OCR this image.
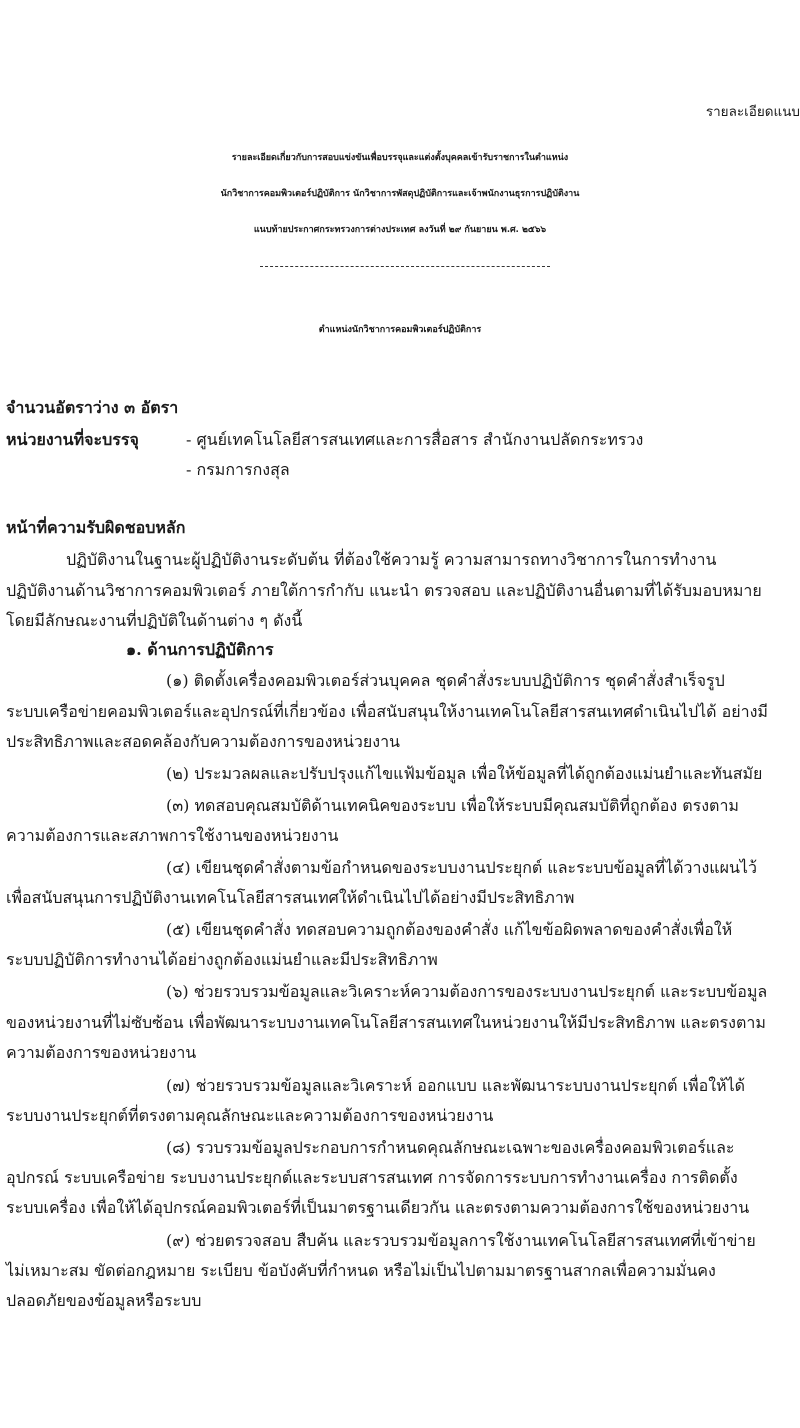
รายละเอียดแนบ
รายละเอียดเกี่ยวกับการสอบแข่งขันเพื่อบรรจุและแต่งตั้งบุคคลเข้ารับราชการในตำแหน่ง
นักวิชาการคอมพิวเตอร์ปฏิบัติการ นักวิชาการพัสดุปฏิบัติการและเจ้าพนักงานธุรการปฏิบัติงาน
แนบท้ายประกาศกระทรวงการต่างประเทศ ลงวันที่ ๒๙ กันยายน พ.ศ. ๒๕๖๖
ตำแหน่งนักวิชาการคอมพิวเตอร์ปฏิบัติการ
จำนวนอัตราว่าง ๓ อัตรา
หน่วยงานที่จะบรรจุ	- ศูนย์เทคโนโลยีสารสนเทศและการสื่อสาร สำนักงานปลัดกระทรวง
- กรมการกงสุล
หน้าที่ความรับผิดชอบหลัก
ปฏิบัติงานในฐานะผู้ปฏิบัติงานระดับต้น ที่ต้องใช้ความรู้ ความสามารถทางวิชาการในการทำงาน
ปฏิบัติงานด้านวิชาการคอมพิวเตอร์ ภายใต้การกำกับ แนะนำ ตรวจสอบ และปฏิบัติงานอื่นตามที่ได้รับมอบหมาย
โดยมีลักษณะงานที่ปฏิบัติในด้านต่าง ๆ ดังนี้
๑. ด้านการปฏิบัติการ
(๑) ติดตั้งเครื่องคอมพิวเตอร์ส่วนบุคคล ชุดคำสั่งระบบปฏิบัติการ ชุดคำสั่งสำเร็จรูป
ระบบเครือข่ายคอมพิวเตอร์และอุปกรณ์ที่เกี่ยวข้อง เพื่อสนับสนุนให้งานเทคโนโลยีสารสนเทศดำเนินไปได้ อย่างมี
ประสิทธิภาพและสอดคล้องกับความต้องการของหน่วยงาน
(๒) ประมวลผลและปรับปรุงแก้ไขแฟ้มข้อมูล เพื่อให้ข้อมูลที่ได้ถูกต้องแม่นยำและทันสมัย
(๓) ทดสอบคุณสมบัติด้านเทคนิคของระบบ เพื่อให้ระบบมีคุณสมบัติที่ถูกต้อง ตรงตาม
ความต้องการและสภาพการใช้งานของหน่วยงาน
(๔) เขียนชุดคำสั่งตามข้อกำหนดของระบบงานประยุกต์ และระบบข้อมูลที่ได้วางแผนไว้
เพื่อสนับสนุนการปฏิบัติงานเทคโนโลยีสารสนเทศให้ดำเนินไปได้อย่างมีประสิทธิภาพ
(๕) เขียนชุดคำสั่ง ทดสอบความถูกต้องของคำสั่ง แก้ไขข้อผิดพลาดของคำสั่งเพื่อให้
ระบบปฏิบัติการทำงานได้อย่างถูกต้องแม่นยำและมีประสิทธิภาพ
(๖) ช่วยรวบรวมข้อมูลและวิเคราะห์ความต้องการของระบบงานประยุกต์ และระบบข้อมูล
ของหน่วยงานที่ไม่ซับซ้อน เพื่อพัฒนาระบบงานเทคโนโลยีสารสนเทศในหน่วยงานให้มีประสิทธิภาพ และตรงตาม
ความต้องการของหน่วยงาน
(๗) ช่วยรวบรวมข้อมูลและวิเคราะห์ ออกแบบ และพัฒนาระบบงานประยุกต์ เพื่อให้ได้
ระบบงานประยุกต์ที่ตรงตามคุณลักษณะและความต้องการของหน่วยงาน
(๘) รวบรวมข้อมูลประกอบการกำหนดคุณลักษณะเฉพาะของเครื่องคอมพิวเตอร์และ
อุปกรณ์ ระบบเครือข่าย ระบบงานประยุกต์และระบบสารสนเทศ การจัดการระบบการทำงานเครื่อง การติดตั้ง
ระบบเครื่อง เพื่อให้ได้อุปกรณ์คอมพิวเตอร์ที่เป็นมาตรฐานเดียวกัน และตรงตามความต้องการใช้ของหน่วยงาน
(๙) ช่วยตรวจสอบ สืบค้น และรวบรวมข้อมูลการใช้งานเทคโนโลยีสารสนเทศที่เข้าข่าย
ไม่เหมาะสม ขัดต่อกฎหมาย ระเบียบ ข้อบังคับที่กำหนด หรือไม่เป็นไปตามมาตรฐานสากลเพื่อความมั่นคง
ปลอดภัยของข้อมูลหรือระบบ
